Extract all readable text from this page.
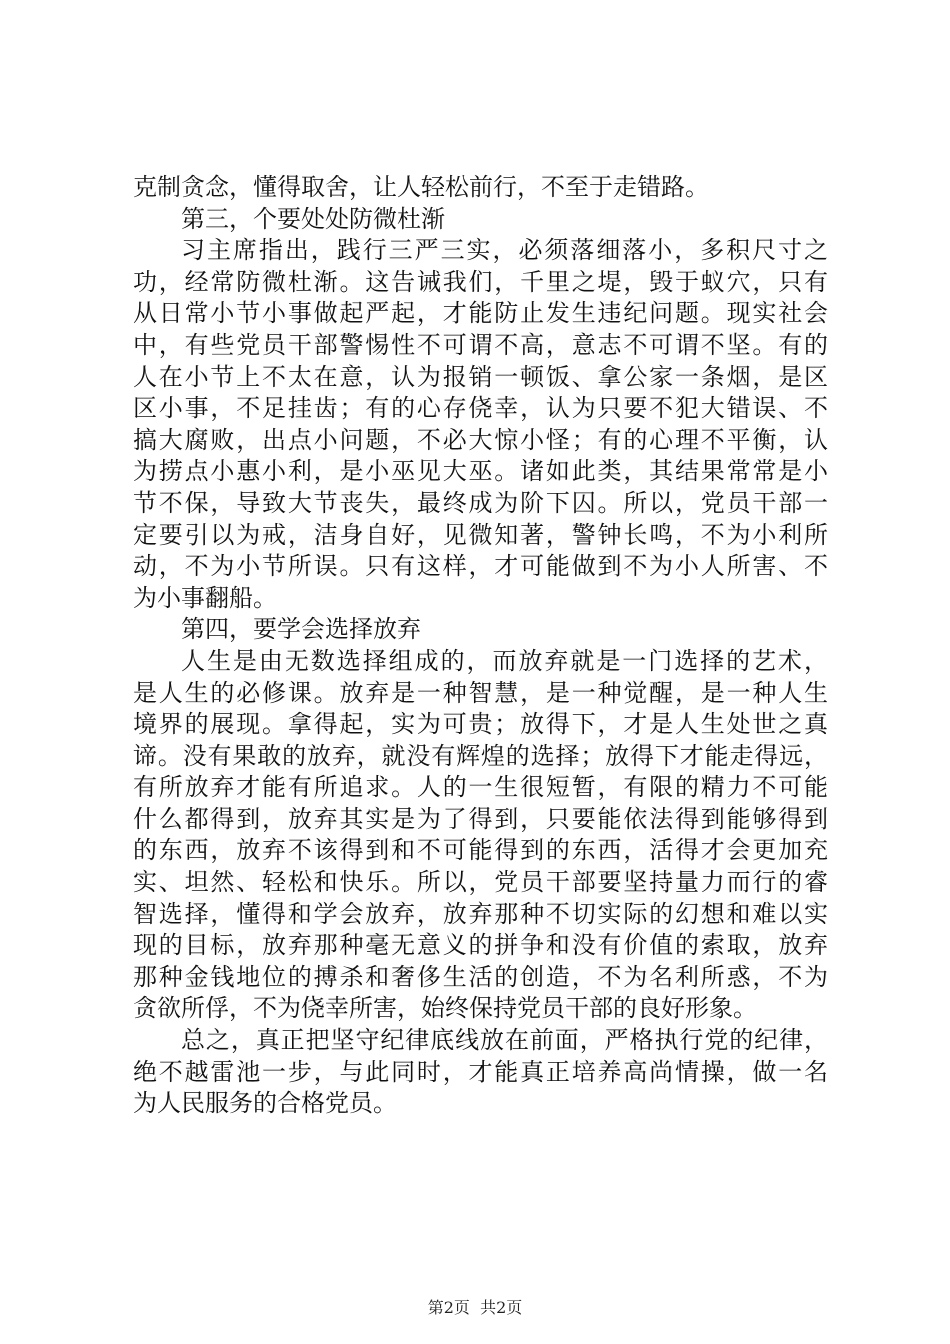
克制贪念，懂得取舍，让人轻松前行，不至于走错路。
第三，个要处处防微杜渐
习主席指出，践行三严三实，必须落细落小，多积尺寸之
功，经常防微杜渐。这告诫我们，千里之堤，毁于蚁穴，只有
从日常小节小事做起严起，才能防止发生违纪问题。现实社会
中，有些党员干部警惕性不可谓不高，意志不可谓不坚。有的
人在小节上不太在意，认为报销一顿饭、拿公家一条烟，是区
区小事，不足挂齿；有的心存侥幸，认为只要不犯大错误、不
搞大腐败，出点小问题，不必大惊小怪；有的心理不平衡，认
为捞点小惠小利，是小巫见大巫。诸如此类，其结果常常是小
节不保，导致大节丧失，最终成为阶下囚。所以，党员干部一
定要引以为戒，洁身自好，见微知著，警钟长鸣，不为小利所
动，不为小节所误。只有这样，才可能做到不为小人所害、不
为小事翻船。
第四，要学会选择放弃
人生是由无数选择组成的，而放弃就是一门选择的艺术，
是人生的必修课。放弃是一种智慧，是一种觉醒，是一种人生
境界的展现。拿得起，实为可贵；放得下，才是人生处世之真
谛。没有果敢的放弃，就没有辉煌的选择；放得下才能走得远，
有所放弃才能有所追求。人的一生很短暂，有限的精力不可能
什么都得到，放弃其实是为了得到，只要能依法得到能够得到
的东西，放弃不该得到和不可能得到的东西，活得才会更加充
实、坦然、轻松和快乐。所以，党员干部要坚持量力而行的睿
智选择，懂得和学会放弃，放弃那种不切实际的幻想和难以实
现的目标，放弃那种毫无意义的拼争和没有价值的索取，放弃
那种金钱地位的搏杀和奢侈生活的创造，不为名利所惑，不为
贪欲所俘，不为侥幸所害，始终保持党员干部的良好形象。
总之，真正把坚守纪律底线放在前面，严格执行党的纪律，
绝不越雷池一步，与此同时，才能真正培养高尚情操，做一名
为人民服务的合格党员。
第2页  共2页
